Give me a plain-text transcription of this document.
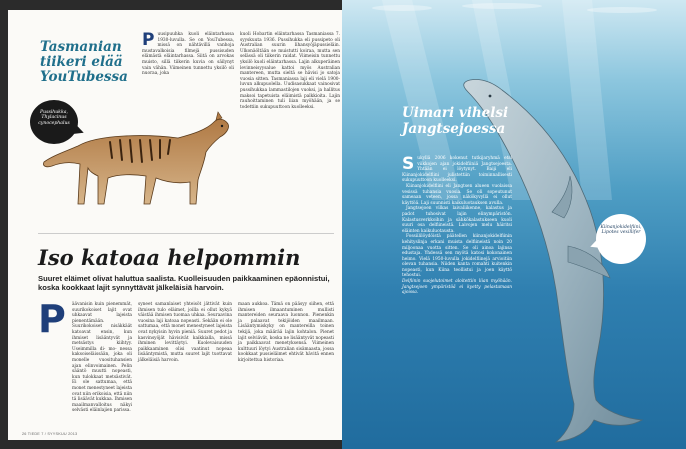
Tasmanian tiikeri elää YouTubessa
P uusipuuhka kuoli eläintarhassa 1930-luvulla. Se on YouTubessa, missä on nähtävillä vanhoja mustavalkoisia filmejä pussisuden elämästä eläintarhassa. Siitä on arvokas muisto, sillä tiikerin kuvia on säilynyt vain vähän. Viimeinen tunnettu yksilö oli nuoraa, joka
kuoli Hobartin eläintarhassa Tasmaniassa 7. syyskuuta 1936. Pussihukka eli pussipeto oli Australian suurin lihansyöjäpussieläin. Ulkonäöltään se muistutti koiraa, mutta sen selässä oli tiikerin raidat. Viimeisin tunnettu yksilö kuoli eläintarhassa. Lajin alkuperäinen levinneisyysalue kattoi myös Australian mantereen, mutta sieltä se hävisi jo satoja vuosia sitten. Tasmaniassa laji eli vielä 1900-luvun alkupuolella. Uudisasukkaat vainosivat pussihukkaa lammastilojen vuoksi, ja hallitus maksoi tapetuista eläimistä palkkioita. Lajin rauhoittaminen tuli liian myöhään, ja se todettiin sukupuuttoon kuolleeksi.
Pussihukka, Thylacinus cynocephalus
Iso katoaa helpommin

Suuret eläimet olivat haluttua saalista. Kuolleisuuden paikkaaminen epäonnistui, koska kookkaat lajit synnyttävät jälkeläisiä harvoin.

P	äävanisin kuin pienemmät, suurikokoiset lajit ovat uhkaavat lajeista pienentämään. Suurikokoiset nisäkkäät katoavat ensin, kun ihmiset lisääntyvät ja metsästys kiihtyy. Useimmilla di- mo- nessa kaksoiseläissään, joka oli monelle vuosituhansien ajan elinvoimainen. Pelin sääntö muutti nopeasti, kun tulokkaat metsästivät. Ei ole sattumaa, että monet menestyneet lajeista ovat niin erikoisia, että niin tä lisäävät kukkaa. Ihmisen maailmanvalloitus näkyi selvästi eläinlajien parissa.
syneet samanlaiset yhteisöt jättivät kuin ihmisen tulo eläimet, joilla ei ollut kykyä väistää ihmisen tuomaa uhkaa. Seuraavina vuosina laji katoaa nopeasti. Sekään ei ole sattumaa, että monet menestyneet lajeista ovat nykyisin hyvin pieniä. Suuret pedot ja kasvinsyöjät hävisivät kaikkialla, missä ihminen levittäytyi. Kuolevaisuuden paikkaaminen olisi vaatinut nopeaa lisääntymistä, mutta suuret lajit tuottavat jälkeläisiä harvoin.
maan aukkoa. Tämä on pääsyy siihen, että ihmisen ilmaantuminen mullisti mantereiden seuraava luonnon. Pienenkin ja palaavat tekijöiden maailmaan. Lisääntymiskyky on mantereilla toinen tekijä, joka määrää lajin kohtalon. Pienet lajit selviävät, koska ne lisääntyvät nopeasti ja paikkaavat menetyksensä. Viimeinen kulttuuri löytyi Australian sisämaasta, jossa kookkaat pussieläimet ehtivät hävitä ennen kirjoitettua historiaa.
26 TIEDE 7 / SYYSKUU 2013
Uimari vihelsi Jangtsejoessa

S ukyllä 2006 kokenut tutkijaryhmä etsi viikkojen ajan jokidelfiiniä Jangtsejoesta. Yhtään ei löytynyt. Baiji eli Kiinanjokidelfiini julistettiin toiminnallisesti sukupuuttoon kuolleeksi.

Kiinanjokidelfiini eli Jangtsen alueen vuolaissa vesissä tuhansia vuosia. Se oli sopeutunut sameaan veteen, jossa näkökyvyllä ei ollut käyttöä. Laji suunnisti kaikuluotauksen avulla.

Jangtsejoen vilkas laivaliikenne, kalastus ja padot tuhosivat lajin elinympäristön. Kalastusverkkoihin ja sähkökalastukseen kuoli suuri osa delfiineistä. Laivojen melu häiritsi eläinten kaikuluotausta.

Fossiililöydöistä päätellen kiinanjokidelfiinin kehityslinja erkani muista delfiineistä noin 20 miljoonaa vuotta sitten. Se oli ainoa lajinsa edustaja. Yhdessä sen myötä katosi kokonainen heimo. Vielä 1950-luvulla jokidelfiinejä arvioitiin olevan tuhansia. Niiden kanta romahti kuitenkin nopeasti, kun Kiina teollistui ja joen käyttö tehostui.

Delfiinin suojelutoimet aloitettiin liian myöhään. Jangtsejoen ympäristöä ei kyetty pelastamaan ajoissa.

Kiinanjokidelfiini, Lipotes vexillifer
